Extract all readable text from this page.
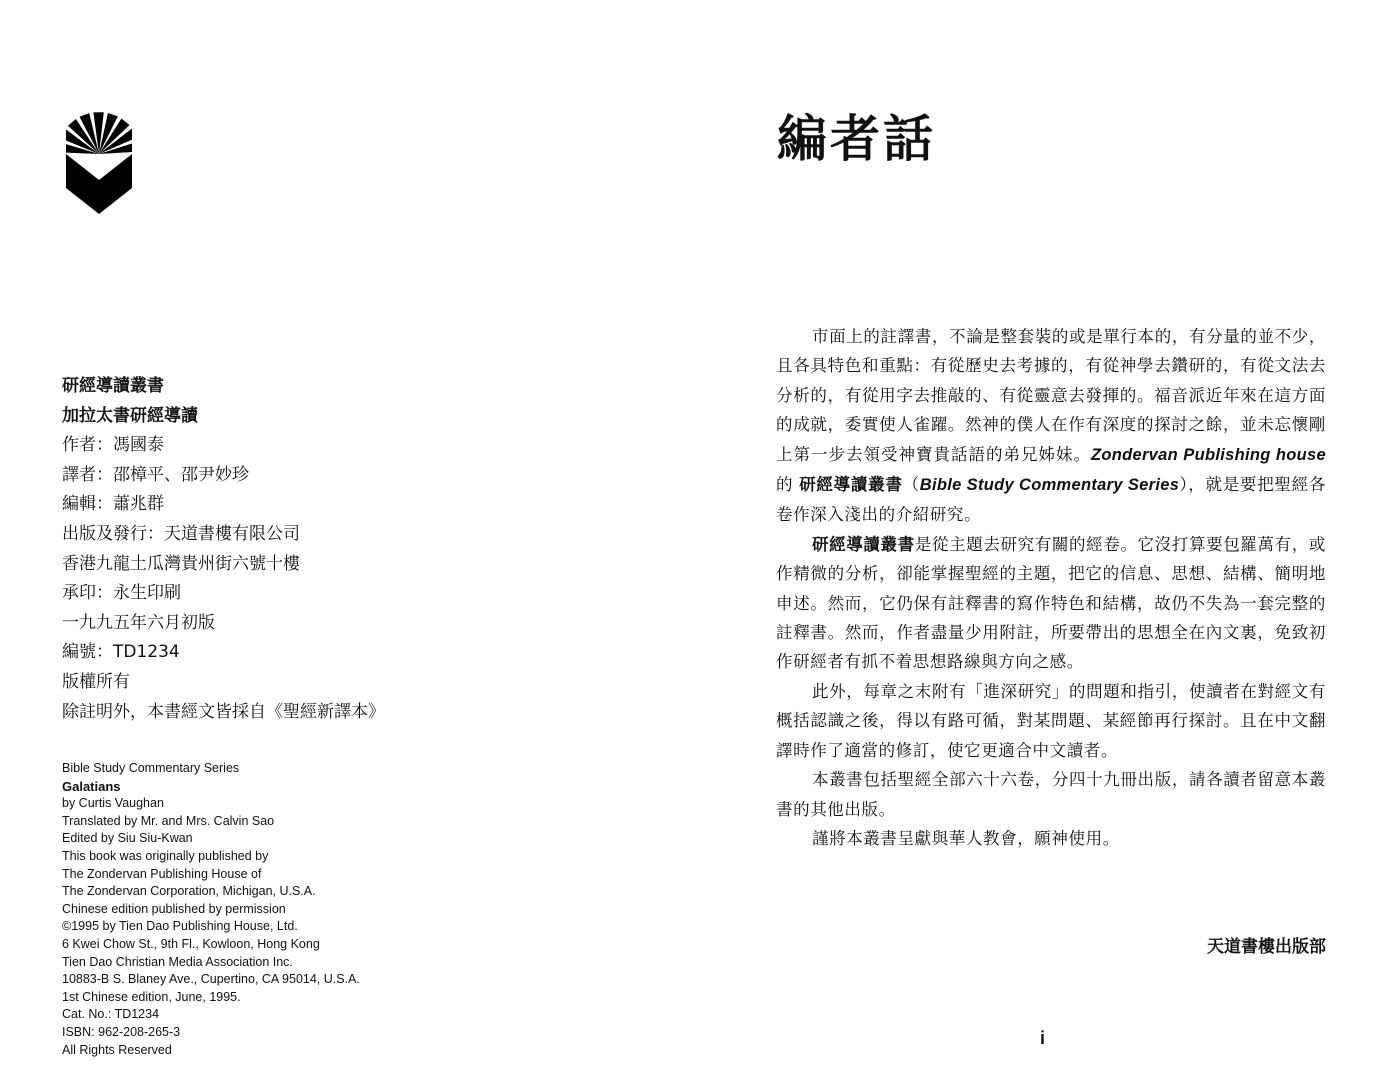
研經導讀叢書
加拉太書研經導讀
作者：馮國泰
譯者：邵樟平、邵尹妙珍
編輯：蕭兆群
出版及發行：天道書樓有限公司
香港九龍土瓜灣貴州街六號十樓
承印：永生印刷
一九九五年六月初版
編號：TD1234
版權所有
除註明外，本書經文皆採自《聖經新譯本》
Bible Study Commentary Series
Galatians
by Curtis Vaughan
Translated by Mr. and Mrs. Calvin Sao
Edited by Siu Siu-Kwan
This book was originally published by
The Zondervan Publishing House of
The Zondervan Corporation, Michigan, U.S.A.
Chinese edition published by permission
©1995 by Tien Dao Publishing House, Ltd.
6 Kwei Chow St., 9th Fl., Kowloon, Hong Kong
Tien Dao Christian Media Association Inc.
10883-B S. Blaney Ave., Cupertino, CA 95014, U.S.A.
1st Chinese edition, June, 1995.
Cat. No.: TD1234
ISBN: 962-208-265-3
All Rights Reserved
編者話

市面上的註譯書，不論是整套裝的或是單行本的，有分量的並不少，且各具特色和重點：有從歷史去考據的，有從神學去鑽研的，有從文法去分析的，有從用字去推敲的、有從靈意去發揮的。福音派近年來在這方面的成就，委實使人雀躍。然神的僕人在作有深度的探討之餘，並未忘懷剛上第一步去領受神寶貴話語的弟兄姊妹。Zondervan Publishing house 的 研經導讀叢書（Bible Study Commentary Series），就是要把聖經各卷作深入淺出的介紹研究。

研經導讀叢書是從主題去研究有關的經卷。它沒打算要包羅萬有，或作精微的分析，卻能掌握聖經的主題，把它的信息、思想、結構、簡明地申述。然而，它仍保有註釋書的寫作特色和結構，故仍不失為一套完整的註釋書。然而，作者盡量少用附註，所要帶出的思想全在內文裏，免致初作研經者有抓不着思想路線與方向之感。

此外，每章之末附有「進深研究」的問題和指引，使讀者在對經文有概括認識之後，得以有路可循，對某問題、某經節再行探討。且在中文翻譯時作了適當的修訂，使它更適合中文讀者。

本叢書包括聖經全部六十六卷，分四十九冊出版，請各讀者留意本叢書的其他出版。

謹將本叢書呈獻與華人教會，願神使用。

天道書樓出版部
i
